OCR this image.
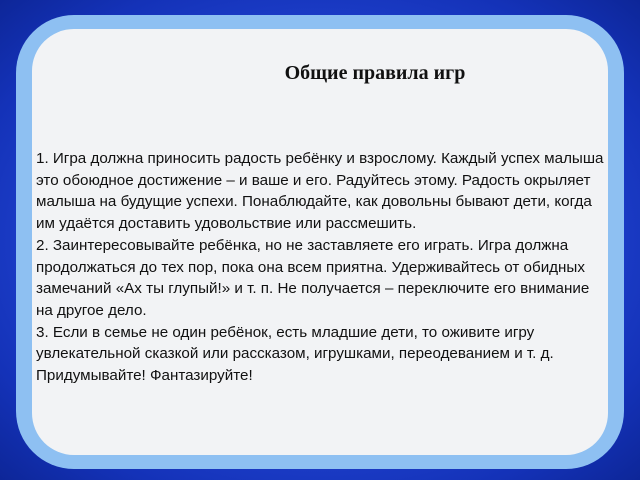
Общие правила игр
1. Игра должна приносить радость ребёнку и взрослому. Каждый успех малыша это обоюдное достижение – и ваше и его. Радуйтесь этому. Радость окрыляет малыша на будущие успехи. Понаблюдайте, как довольны бывают дети, когда им удаётся доставить удовольствие или рассмешить.
2. Заинтересовывайте ребёнка, но не заставляете его играть. Игра должна продолжаться до тех пор, пока она всем приятна. Удерживайтесь от обидных замечаний «Ах ты глупый!» и т. п. Не получается – переключите его внимание на другое дело.
3. Если в семье не один ребёнок, есть младшие дети, то оживите игру увлекательной сказкой или рассказом, игрушками, переодеванием и т. д. Придумывайте! Фантазируйте!
